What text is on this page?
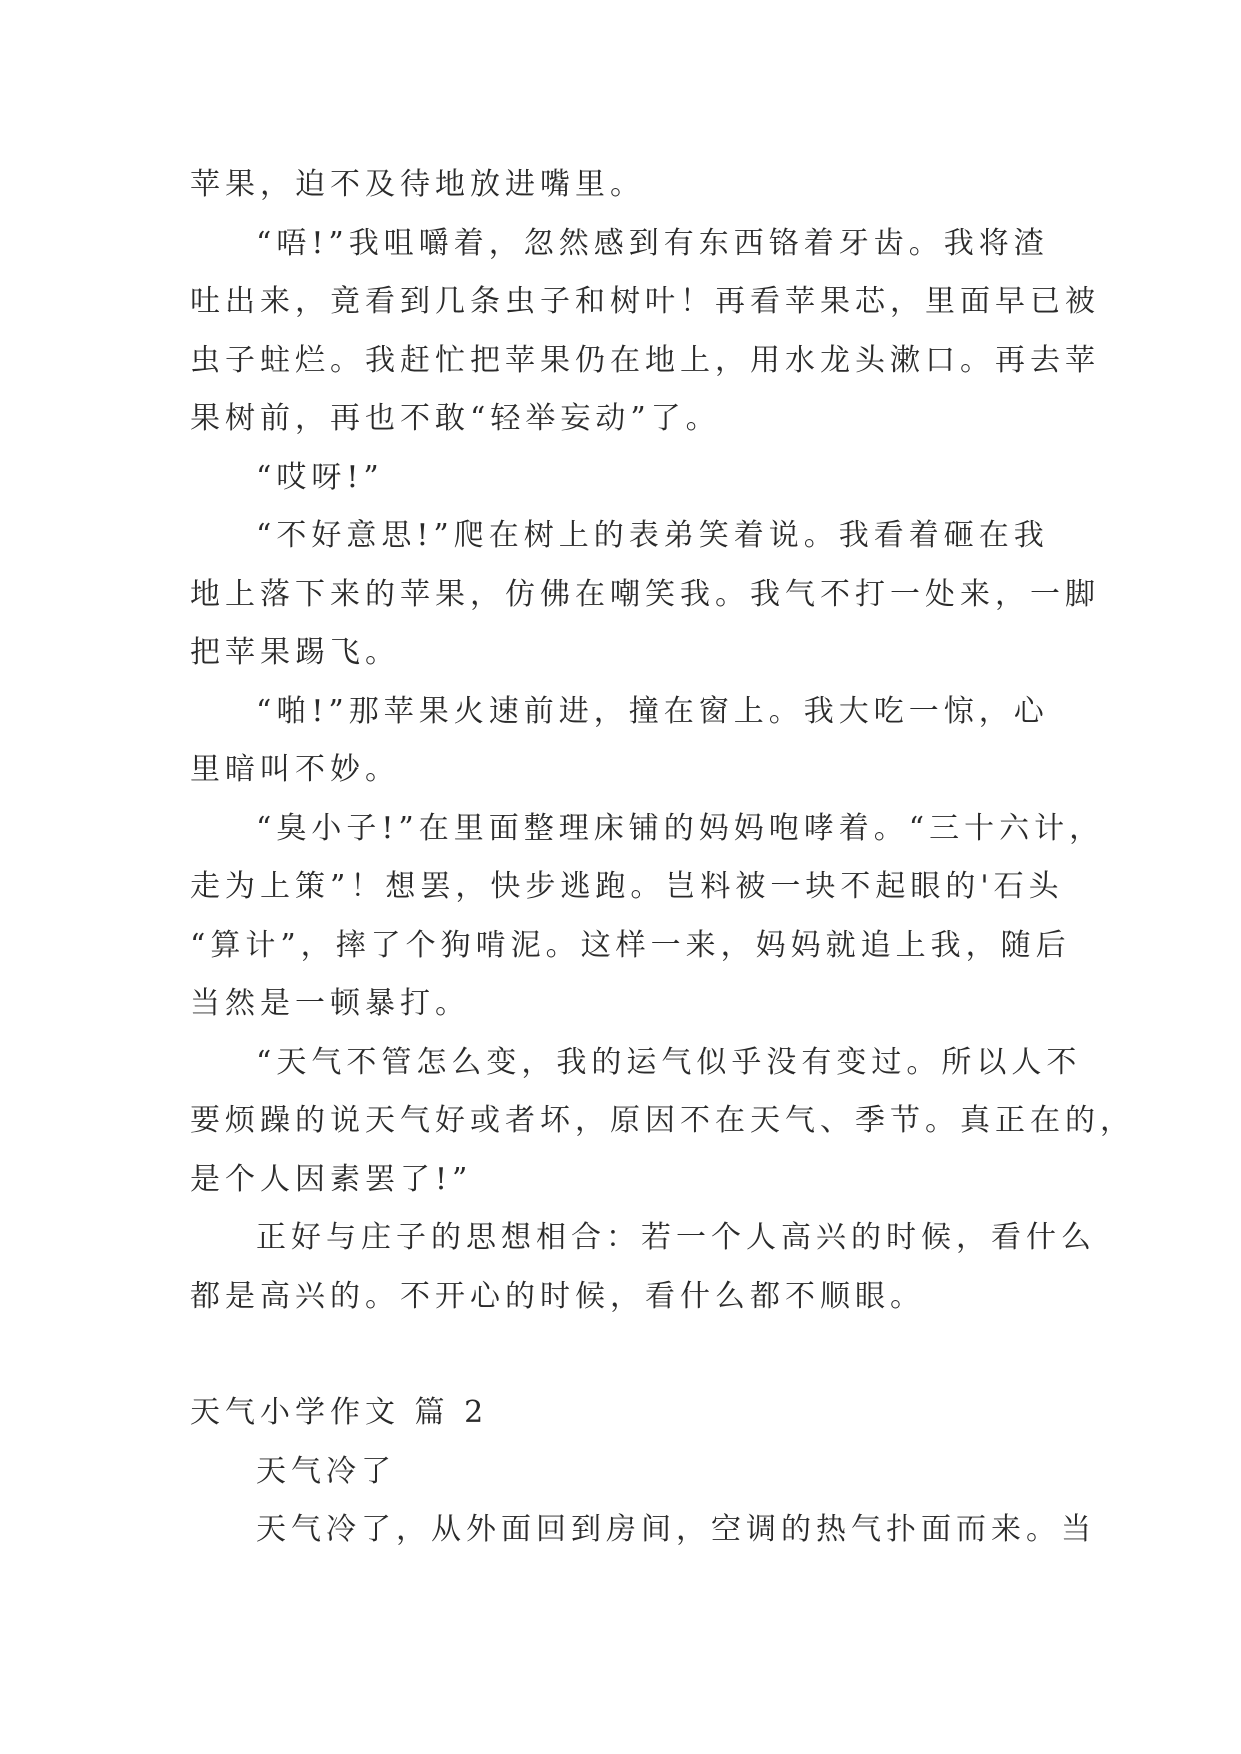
苹果，迫不及待地放进嘴里。
“唔!”我咀嚼着，忽然感到有东西铬着牙齿。我将渣
吐出来，竟看到几条虫子和树叶！再看苹果芯，里面早已被
虫子蛀烂。我赶忙把苹果仍在地上，用水龙头漱口。再去苹
果树前，再也不敢“轻举妄动”了。
“哎呀!”
“不好意思!”爬在树上的表弟笑着说。我看着砸在我
地上落下来的苹果，仿佛在嘲笑我。我气不打一处来，一脚
把苹果踢飞。
“啪!”那苹果火速前进，撞在窗上。我大吃一惊，心
里暗叫不妙。
“臭小子!”在里面整理床铺的妈妈咆哮着。“三十六计，
走为上策”！想罢，快步逃跑。岂料被一块不起眼的'石头
“算计”，摔了个狗啃泥。这样一来，妈妈就追上我，随后
当然是一顿暴打。
“天气不管怎么变，我的运气似乎没有变过。所以人不
要烦躁的说天气好或者坏，原因不在天气、季节。真正在的，
是个人因素罢了!”
正好与庄子的思想相合：若一个人高兴的时候，看什么
都是高兴的。不开心的时候，看什么都不顺眼。
天气小学作文 篇 2
天气冷了
天气冷了，从外面回到房间，空调的热气扑面而来。当
